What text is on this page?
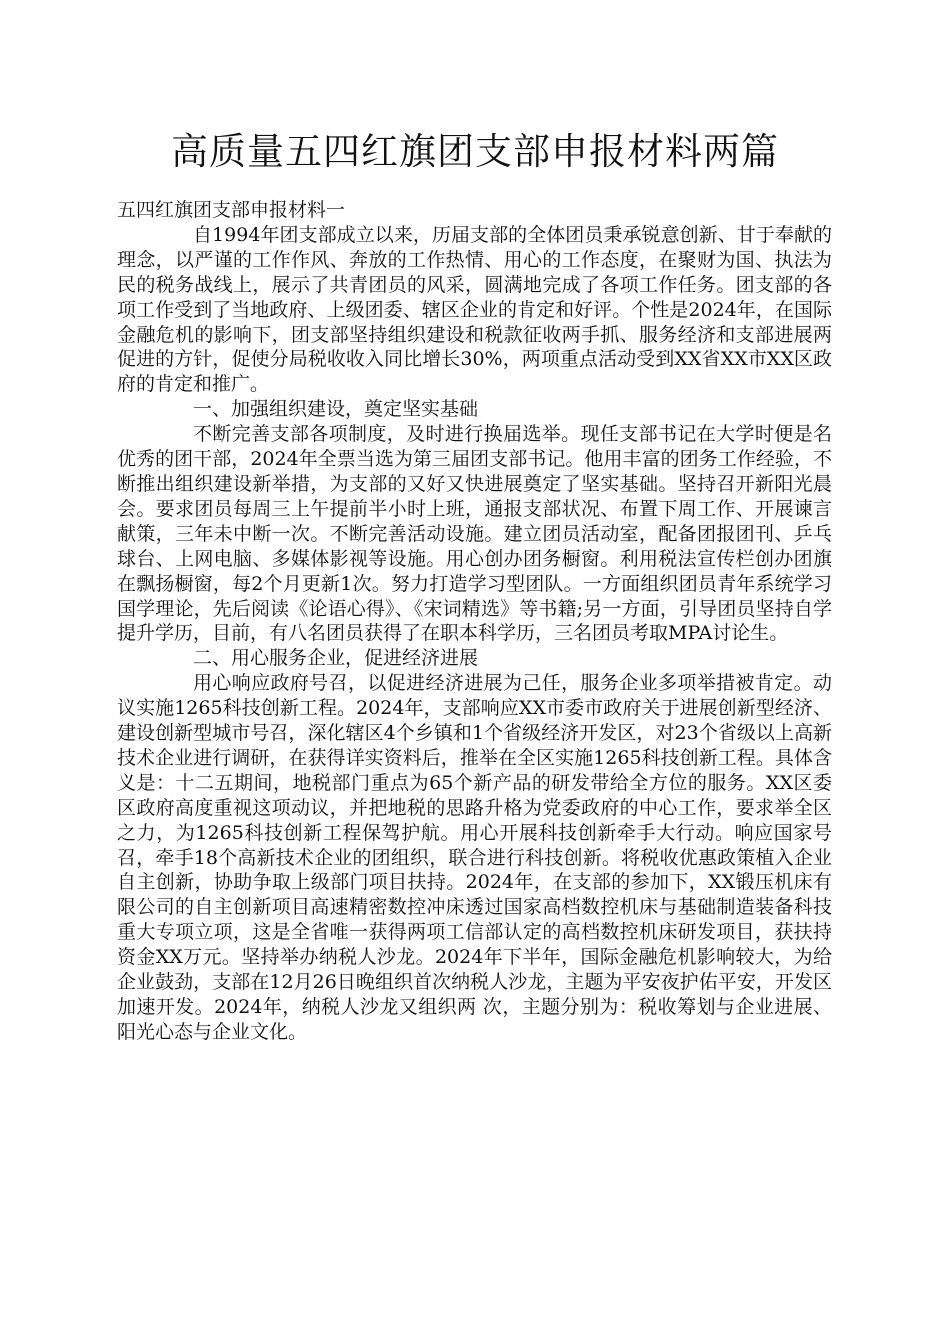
高质量五四红旗团支部申报材料两篇

五四红旗团支部申报材料一

自1994年团支部成立以来，历届支部的全体团员秉承锐意创新、甘于奉献的理念，以严谨的工作作风、奔放的工作热情、用心的工作态度，在聚财为国、执法为民的税务战线上，展示了共青团员的风采，圆满地完成了各项工作任务。团支部的各项工作受到了当地政府、上级团委、辖区企业的肯定和好评。个性是2024年，在国际金融危机的影响下，团支部坚持组织建设和税款征收两手抓、服务经济和支部进展两促进的方针，促使分局税收收入同比增长30%，两项重点活动受到XX省XX市XX区政府的肯定和推广。

一、加强组织建设，奠定坚实基础

不断完善支部各项制度，及时进行换届选举。现任支部书记在大学时便是名优秀的团干部，2024年全票当选为第三届团支部书记。他用丰富的团务工作经验，不断推出组织建设新举措，为支部的又好又快进展奠定了坚实基础。坚持召开新阳光晨会。要求团员每周三上午提前半小时上班，通报支部状况、布置下周工作、开展谏言献策，三年未中断一次。不断完善活动设施。建立团员活动室，配备团报团刊、乒乓球台、上网电脑、多媒体影视等设施。用心创办团务橱窗。利用税法宣传栏创办团旗在飘扬橱窗，每2个月更新1次。努力打造学习型团队。一方面组织团员青年系统学习国学理论，先后阅读《论语心得》、《宋词精选》等书籍;另一方面，引导团员坚持自学提升学历，目前，有八名团员获得了在职本科学历，三名团员考取MPA讨论生。

二、用心服务企业，促进经济进展

用心响应政府号召，以促进经济进展为己任，服务企业多项举措被肯定。动议实施1265科技创新工程。2024年，支部响应XX市委市政府关于进展创新型经济、建设创新型城市号召，深化辖区4个乡镇和1个省级经济开发区，对23个省级以上高新技术企业进行调研，在获得详实资料后，推举在全区实施1265科技创新工程。具体含义是：十二五期间，地税部门重点为65个新产品的研发带给全方位的服务。XX区委区政府高度重视这项动议，并把地税的思路升格为党委政府的中心工作，要求举全区之力，为1265科技创新工程保驾护航。用心开展科技创新牵手大行动。响应国家号召，牵手18个高新技术企业的团组织，联合进行科技创新。将税收优惠政策植入企业自主创新，协助争取上级部门项目扶持。2024年，在支部的参加下，XX锻压机床有限公司的自主创新项目高速精密数控冲床透过国家高档数控机床与基础制造装备科技重大专项立项，这是全省唯一获得两项工信部认定的高档数控机床研发项目，获扶持资金XX万元。坚持举办纳税人沙龙。2024年下半年，国际金融危机影响较大，为给企业鼓劲，支部在12月26日晚组织首次纳税人沙龙，主题为平安夜护佑平安，开发区加速开发。2024年，纳税人沙龙又组织两 次，主题分别为：税收筹划与企业进展、阳光心态与企业文化。
